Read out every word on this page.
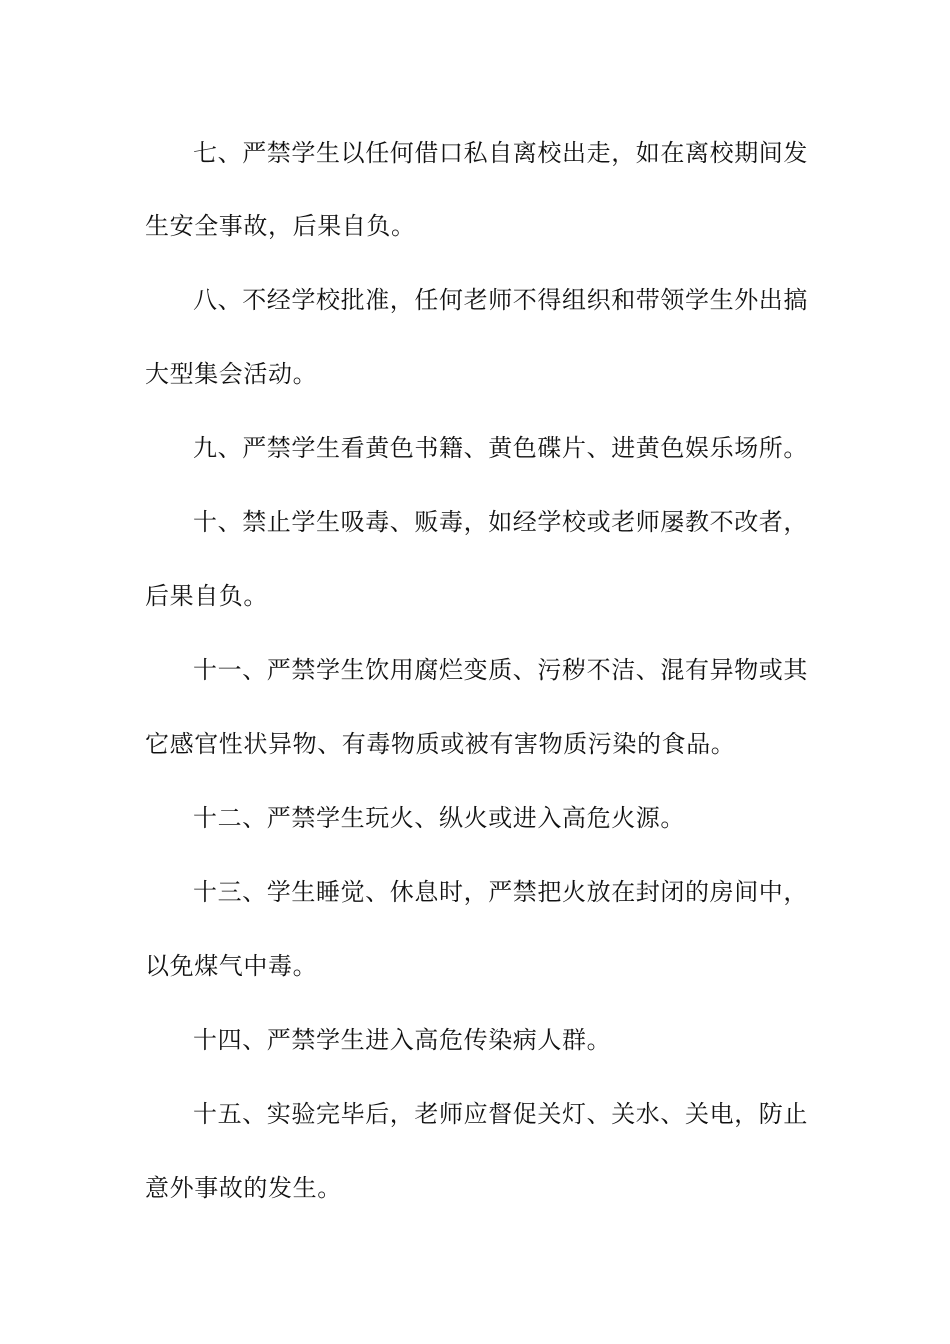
七、严禁学生以任何借口私自离校出走，如在离校期间发
生安全事故，后果自负。
八、不经学校批准，任何老师不得组织和带领学生外出搞
大型集会活动。
九、严禁学生看黄色书籍、黄色碟片、进黄色娱乐场所。
十、禁止学生吸毒、贩毒，如经学校或老师屡教不改者，
后果自负。
十一、严禁学生饮用腐烂变质、污秽不洁、混有异物或其
它感官性状异物、有毒物质或被有害物质污染的食品。
十二、严禁学生玩火、纵火或进入高危火源。
十三、学生睡觉、休息时，严禁把火放在封闭的房间中，
以免煤气中毒。
十四、严禁学生进入高危传染病人群。
十五、实验完毕后，老师应督促关灯、关水、关电，防止
意外事故的发生。
